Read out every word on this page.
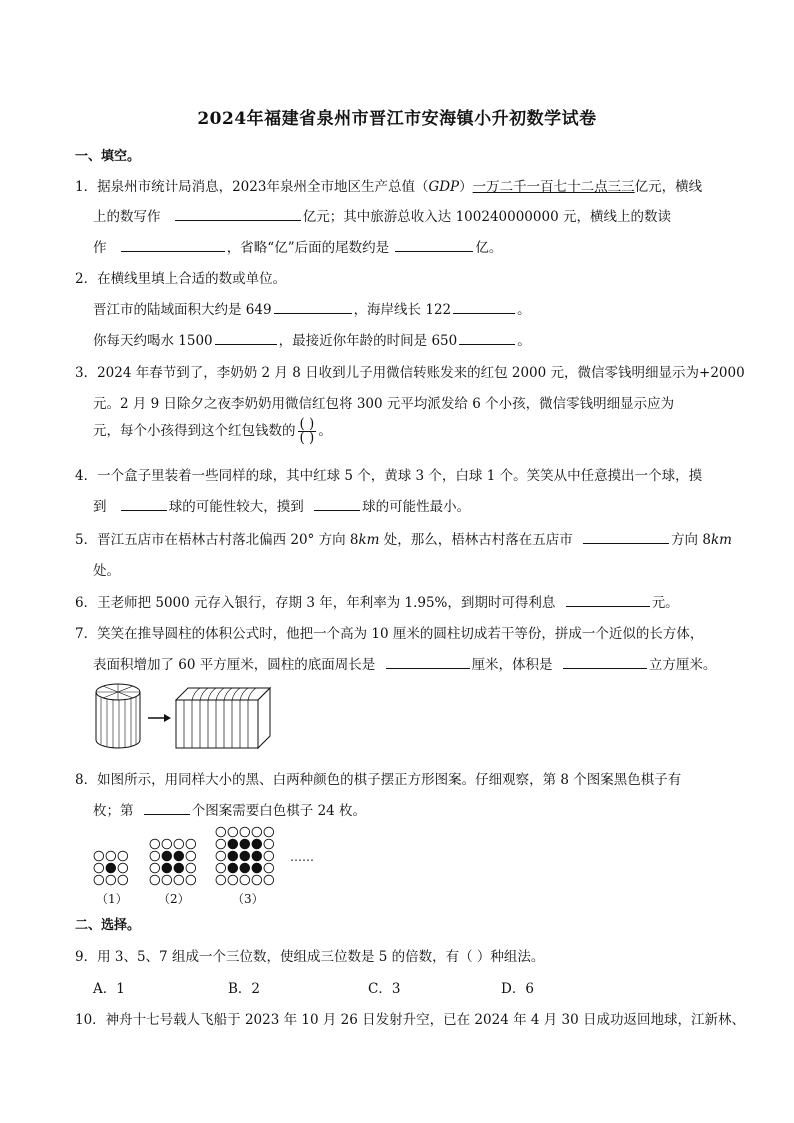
2024年福建省泉州市晋江市安海镇小升初数学试卷
一、填空。
1．据泉州市统计局消息，2023年泉州全市地区生产总值（GDP）一万二千一百七十二点三三亿元，横线
上的数写作	亿元；其中旅游总收入达 100240000000 元，横线上的数读
作	，省略“亿”后面的尾数约是	亿。
2．在横线里填上合适的数或单位。
晋江市的陆域面积大约是 649	，海岸线长 122	。
你每天约喝水 1500	，最接近你年龄的时间是 650	。
3．2024 年春节到了，李奶奶 2 月 8 日收到儿子用微信转账发来的红包 2000 元，微信零钱明细显示为+2000
元。2 月 9 日除夕之夜李奶奶用微信红包将 300 元平均派发给 6 个小孩，微信零钱明细显示应为
元，每个小孩得到这个红包钱数的 $\frac{( )}{( )}$ 。
4．一个盒子里装着一些同样的球，其中红球 5 个，黄球 3 个，白球 1 个。笑笑从中任意摸出一个球，摸
到	球的可能性较大，摸到	球的可能性最小。
5．晋江五店市在梧林古村落北偏西 20° 方向 8km 处，那么，梧林古村落在五店市	方向 8km
处。
6．王老师把 5000 元存入银行，存期 3 年，年利率为 1.95%，到期时可得利息	元。
7．笑笑在推导圆柱的体积公式时，他把一个高为 10 厘米的圆柱切成若干等份，拼成一个近似的长方体，
表面积增加了 60 平方厘米，圆柱的底面周长是	厘米，体积是	立方厘米。
8．如图所示，用同样大小的黑、白两种颜色的棋子摆正方形图案。仔细观察，第 8 个图案黑色棋子有
枚；第	个图案需要白色棋子 24 枚。
（1）	（2）	（3）
……
二、选择。
9．用 3、5、7 组成一个三位数，使组成三位数是 5 的倍数，有（ ）种组法。
A．1	B．2	C．3	D．6
10．神舟十七号载人飞船于 2023 年 10 月 26 日发射升空，已在 2024 年 4 月 30 日成功返回地球，江新林、
